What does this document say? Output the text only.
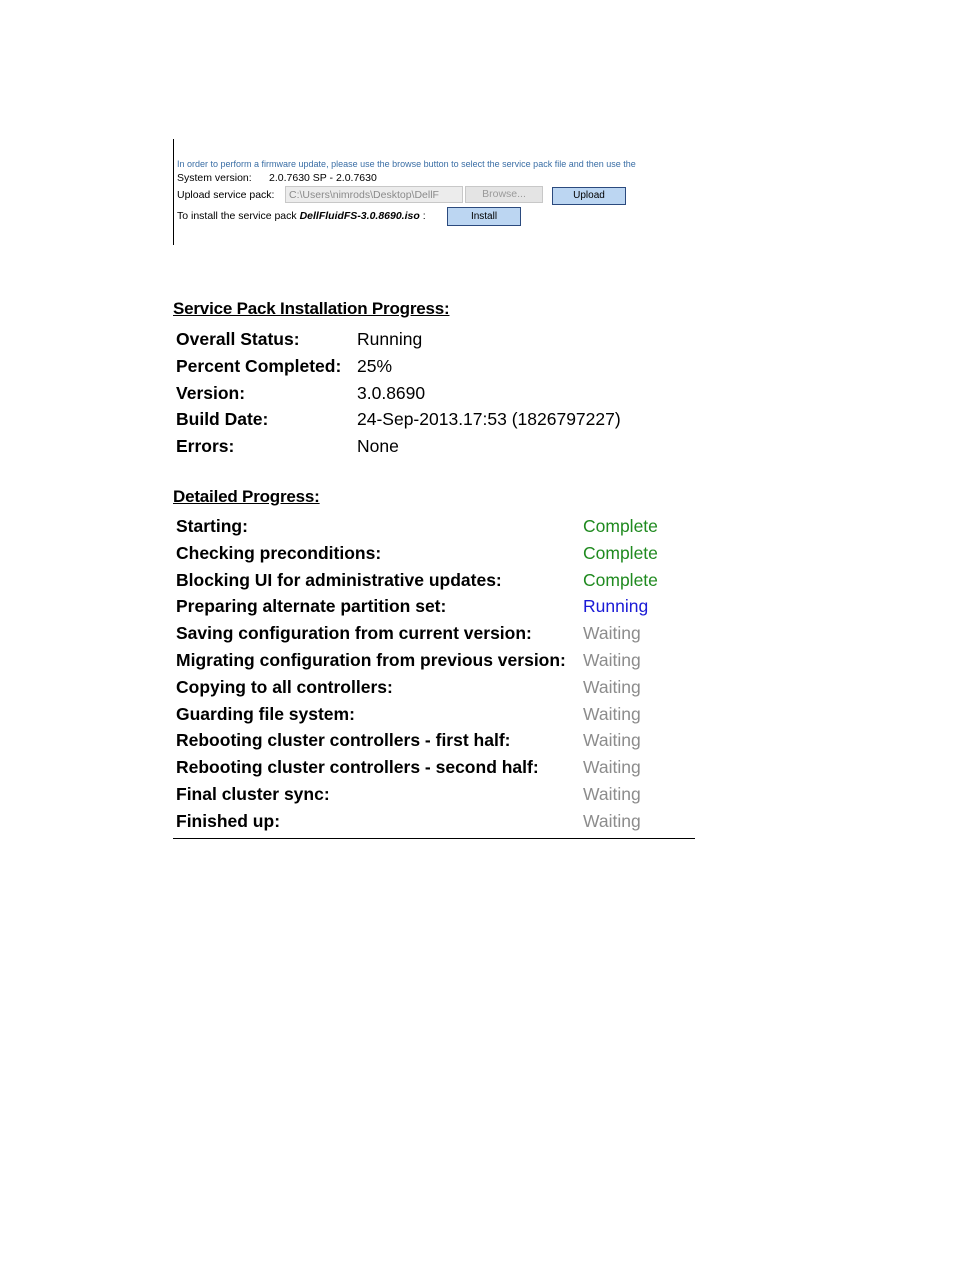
In order to perform a firmware update, please use the browse button to select the service pack file and then use the
System version: 2.0.7630 SP - 2.0.7630
Upload service pack: C:\Users\nimrods\Desktop\DellF	Browse...	Upload
To install the service pack DellFluidFS-3.0.8690.iso :	Install
Service Pack Installation Progress:
Overall Status:	Running
Percent Completed: 25%
Version:	3.0.8690
Build Date:	24-Sep-2013.17:53 (1826797227)
Errors:	None
Detailed Progress:
Starting:	Complete
Checking preconditions:	Complete
Blocking UI for administrative updates:	Complete
Preparing alternate partition set:	Running
Saving configuration from current version:	Waiting
Migrating configuration from previous version: Waiting
Copying to all controllers:	Waiting
Guarding file system:	Waiting
Rebooting cluster controllers - first half:	Waiting
Rebooting cluster controllers - second half:	Waiting
Final cluster sync:	Waiting
Finished up:	Waiting
